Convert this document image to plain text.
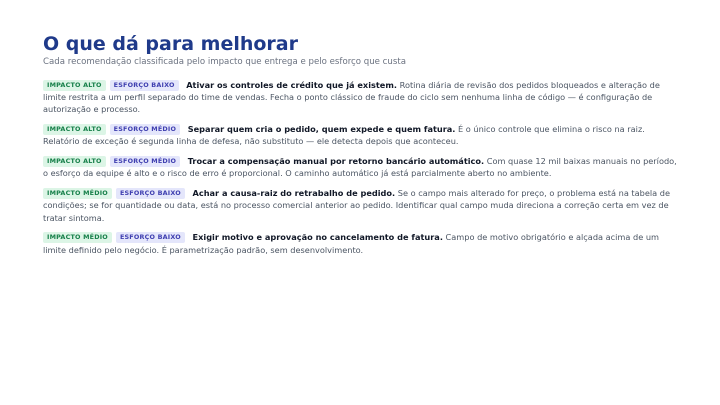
O que dá para melhorar
Cada recomendação classificada pelo impacto que entrega e pelo esforço que custa
IMPACTO ALTO ESFORÇO BAIXO Ativar os controles de crédito que já existem. Rotina diária de revisão dos pedidos bloqueados e alteração de limite restrita a um perfil separado do time de vendas. Fecha o ponto clássico de fraude do ciclo sem nenhuma linha de código — é configuração de autorização e processo.
IMPACTO ALTO ESFORÇO MÉDIO Separar quem cria o pedido, quem expede e quem fatura. É o único controle que elimina o risco na raiz. Relatório de exceção é segunda linha de defesa, não substituto — ele detecta depois que aconteceu.
IMPACTO ALTO ESFORÇO MÉDIO Trocar a compensação manual por retorno bancário automático. Com quase 12 mil baixas manuais no período, o esforço da equipe é alto e o risco de erro é proporcional. O caminho automático já está parcialmente aberto no ambiente.
IMPACTO MÉDIO ESFORÇO BAIXO Achar a causa-raiz do retrabalho de pedido. Se o campo mais alterado for preço, o problema está na tabela de condições; se for quantidade ou data, está no processo comercial anterior ao pedido. Identificar qual campo muda direciona a correção certa em vez de tratar sintoma.
IMPACTO MÉDIO ESFORÇO BAIXO Exigir motivo e aprovação no cancelamento de fatura. Campo de motivo obrigatório e alçada acima de um limite definido pelo negócio. É parametrização padrão, sem desenvolvimento.
